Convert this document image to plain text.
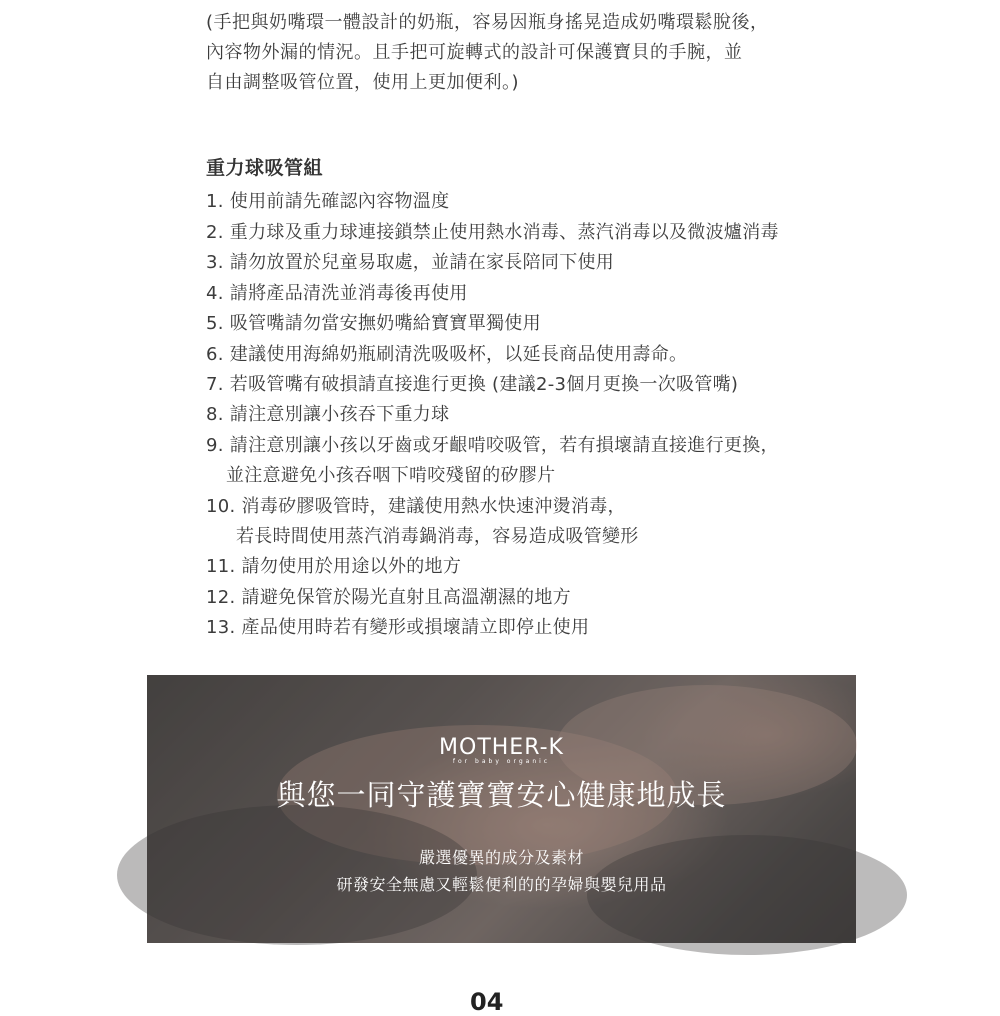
(手把與奶嘴環一體設計的奶瓶，容易因瓶身搖晃造成奶嘴環鬆脫後，
內容物外漏的情況。且手把可旋轉式的設計可保護寶貝的手腕，並
自由調整吸管位置，使用上更加便利。)
重力球吸管組
1. 使用前請先確認內容物溫度
2. 重力球及重力球連接鎖禁止使用熱水消毒、蒸汽消毒以及微波爐消毒
3. 請勿放置於兒童易取處，並請在家長陪同下使用
4. 請將產品清洗並消毒後再使用
5. 吸管嘴請勿當安撫奶嘴給寶寶單獨使用
6. 建議使用海綿奶瓶刷清洗吸吸杯，以延長商品使用壽命。
7. 若吸管嘴有破損請直接進行更換 (建議2-3個月更換一次吸管嘴)
8. 請注意別讓小孩吞下重力球
9. 請注意別讓小孩以牙齒或牙齦啃咬吸管，若有損壞請直接進行更換，
並注意避免小孩吞咽下啃咬殘留的矽膠片
10. 消毒矽膠吸管時，建議使用熱水快速沖燙消毒，
若長時間使用蒸汽消毒鍋消毒，容易造成吸管變形
11. 請勿使用於用途以外的地方
12. 請避免保管於陽光直射且高溫潮濕的地方
13. 產品使用時若有變形或損壞請立即停止使用
MOTHER-K
for baby organic
與您一同守護寶寶安心健康地成長
嚴選優異的成分及素材
研發安全無慮又輕鬆便利的的孕婦與嬰兒用品
04
